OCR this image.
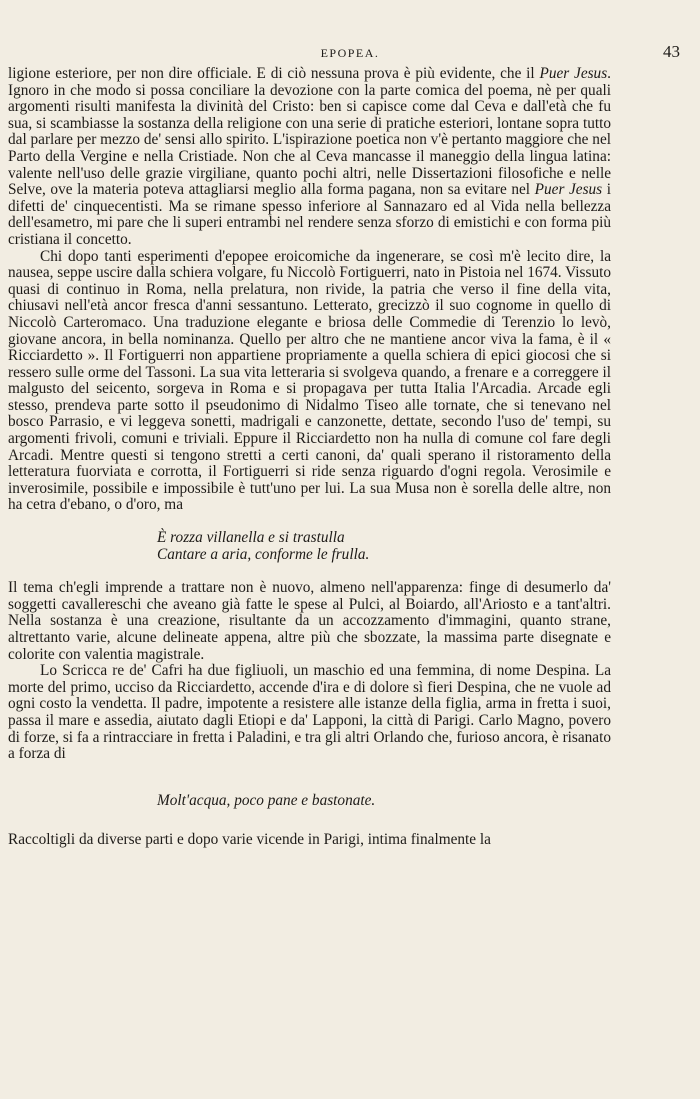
EPOPEA.	43

ligione esteriore, per non dire officiale. E di ciò nessuna prova è più evidente, che il Puer Jesus. Ignoro in che modo si possa conciliare la devozione con la parte comica del poema, nè per quali argomenti risulti manifesta la divinità del Cristo: ben si capisce come dal Ceva e dall'età che fu sua, si scambiasse la sostanza della religione con una serie di pratiche esteriori, lontane sopra tutto dal parlare per mezzo de' sensi allo spirito. L'ispirazione poetica non v'è pertanto maggiore che nel Parto della Vergine e nella Cristiade. Non che al Ceva mancasse il maneggio della lingua latina: valente nell'uso delle grazie virgiliane, quanto pochi altri, nelle Dissertazioni filosofiche e nelle Selve, ove la materia poteva attagliarsi meglio alla forma pagana, non sa evitare nel Puer Jesus i difetti de' cinquecentisti. Ma se rimane spesso inferiore al Sannazaro ed al Vida nella bellezza dell'esametro, mi pare che li superi entrambi nel rendere senza sforzo di emistichi e con forma più cristiana il concetto.

Chi dopo tanti esperimenti d'epopee eroicomiche da ingenerare, se così m'è lecito dire, la nausea, seppe uscire dalla schiera volgare, fu Niccolò Fortiguerri, nato in Pistoia nel 1674. Vissuto quasi di continuo in Roma, nella prelatura, non rivide, la patria che verso il fine della vita, chiusavi nell'età ancor fresca d'anni sessantuno. Letterato, grecizzò il suo cognome in quello di Niccolò Carteromaco. Una traduzione elegante e briosa delle Commedie di Terenzio lo levò, giovane ancora, in bella nominanza. Quello per altro che ne mantiene ancor viva la fama, è il « Ricciardetto ». Il Fortiguerri non appartiene propriamente a quella schiera di epici giocosi che si ressero sulle orme del Tassoni. La sua vita letteraria si svolgeva quando, a frenare e a correggere il malgusto del seicento, sorgeva in Roma e si propagava per tutta Italia l'Arcadia. Arcade egli stesso, prendeva parte sotto il pseudonimo di Nidalmo Tiseo alle tornate, che si tenevano nel bosco Parrasio, e vi leggeva sonetti, madrigali e canzonette, dettate, secondo l'uso de' tempi, su argomenti frivoli, comuni e triviali. Eppure il Ricciardetto non ha nulla di comune col fare degli Arcadi. Mentre questi si tengono stretti a certi canoni, da' quali sperano il ristoramento della letteratura fuorviata e corrotta, il Fortiguerri si ride senza riguardo d'ogni regola. Verosimile e inverosimile, possibile e impossibile è tutt'uno per lui. La sua Musa non è sorella delle altre, non ha cetra d'ebano, o d'oro, ma

È rozza villanella e si trastulla
Cantare a aria, conforme le frulla.

Il tema ch'egli imprende a trattare non è nuovo, almeno nell'apparenza: finge di desumerlo da' soggetti cavallereschi che aveano già fatte le spese al Pulci, al Boiardo, all'Ariosto e a tant'altri. Nella sostanza è una creazione, risultante da un accozzamento d'immagini, quanto strane, altrettanto varie, alcune delineate appena, altre più che sbozzate, la massima parte disegnate e colorite con valentia magistrale.

Lo Scricca re de' Cafri ha due figliuoli, un maschio ed una femmina, di nome Despina. La morte del primo, ucciso da Ricciardetto, accende d'ira e di dolore sì fieri Despina, che ne vuole ad ogni costo la vendetta. Il padre, impotente a resistere alle istanze della figlia, arma in fretta i suoi, passa il mare e assedia, aiutato dagli Etiopi e da' Lapponi, la città di Parigi. Carlo Magno, povero di forze, si fa a rintracciare in fretta i Paladini, e tra gli altri Orlando che, furioso ancora, è risanato a forza di

Molt'acqua, poco pane e bastonate.

Raccoltigli da diverse parti e dopo varie vicende in Parigi, intima finalmente la
